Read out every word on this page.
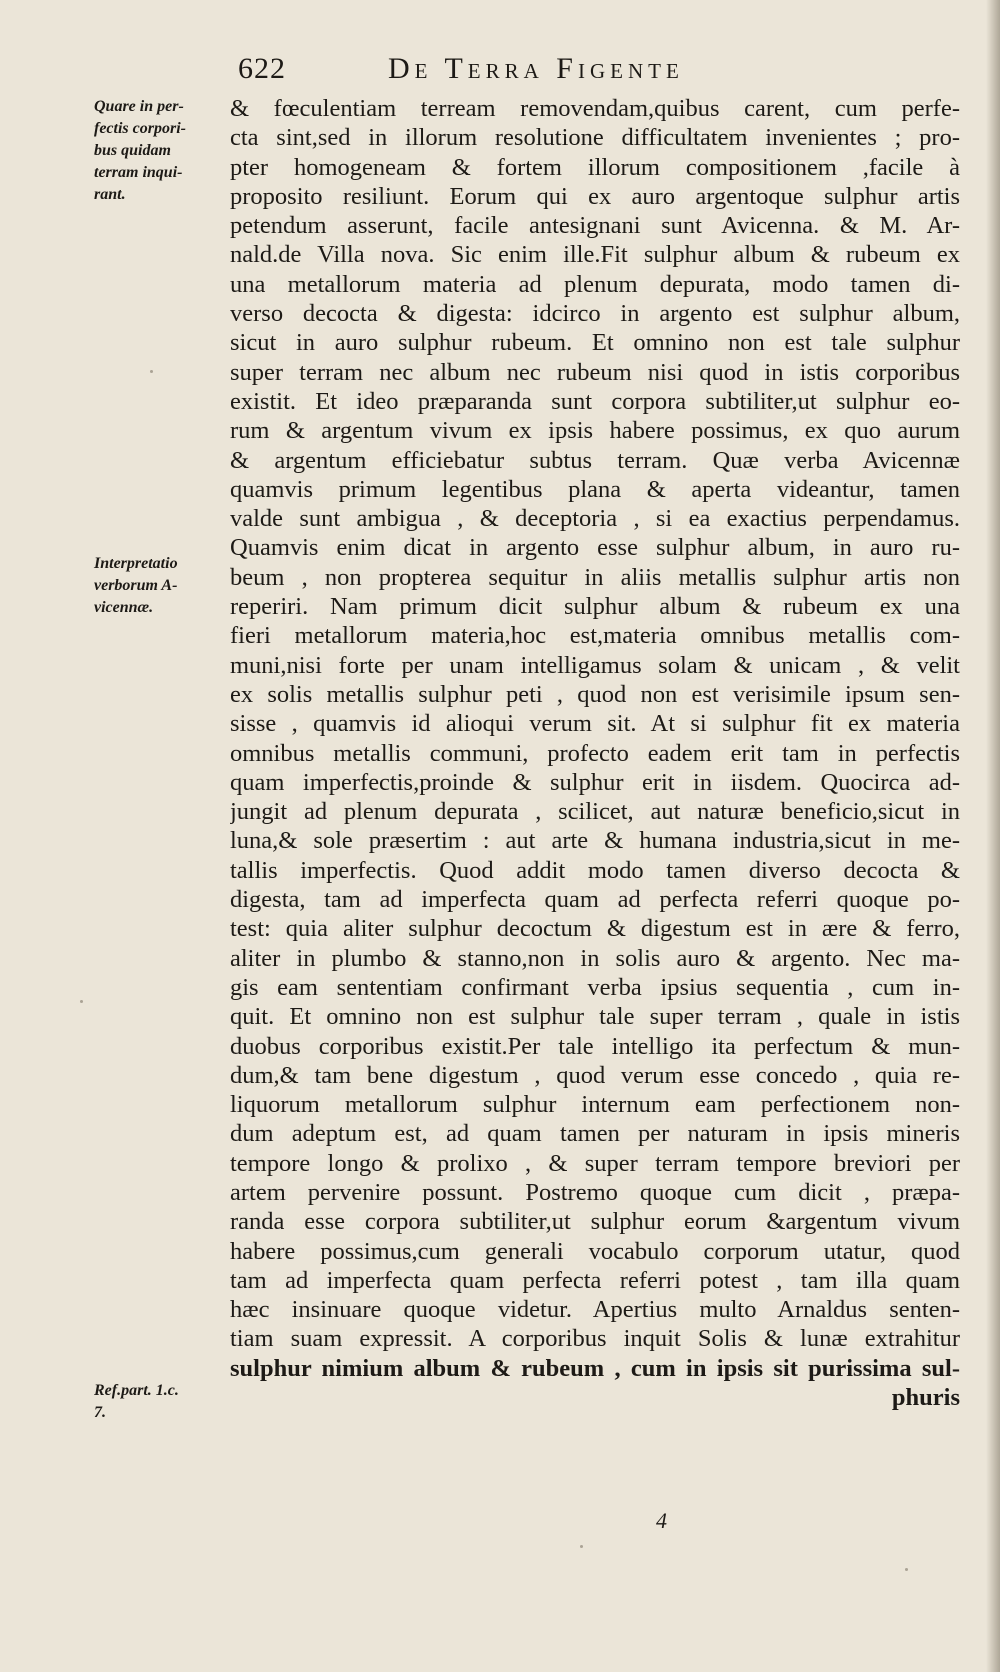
622	De Terra Figente
Quare in per-
fectis corpori-
bus quidam
terram inqui-
rant.
Interpretatio
verborum A-
vicennæ.
Ref.part. 1.c.
7.
& fœculentiam terream removendam,quibus carent, cum perfe-
cta sint,sed in illorum resolutione difficultatem invenientes ; pro-
pter homogeneam & fortem illorum compositionem ,facile à
proposito resiliunt. Eorum qui ex auro argentoque sulphur artis
petendum asserunt, facile antesignani sunt Avicenna. & M. Ar-
nald.de Villa nova. Sic enim ille.Fit sulphur album & rubeum ex
una metallorum materia ad plenum depurata, modo tamen di-
verso decocta & digesta: idcirco in argento est sulphur album,
sicut in auro sulphur rubeum. Et omnino non est tale sulphur
super terram nec album nec rubeum nisi quod in istis corporibus
existit. Et ideo præparanda sunt corpora subtiliter,ut sulphur eo-
rum & argentum vivum ex ipsis habere possimus, ex quo aurum
& argentum efficiebatur subtus terram. Quæ verba Avicennæ
quamvis primum legentibus plana & aperta videantur, tamen
valde sunt ambigua , & deceptoria , si ea exactius perpendamus.
Quamvis enim dicat in argento esse sulphur album, in auro ru-
beum , non propterea sequitur in aliis metallis sulphur artis non
reperiri. Nam primum dicit sulphur album & rubeum ex una
fieri metallorum materia,hoc est,materia omnibus metallis com-
muni,nisi forte per unam intelligamus solam & unicam , & velit
ex solis metallis sulphur peti , quod non est verisimile ipsum sen-
sisse , quamvis id alioqui verum sit. At si sulphur fit ex materia
omnibus metallis communi, profecto eadem erit tam in perfectis
quam imperfectis,proinde & sulphur erit in iisdem. Quocirca ad-
jungit ad plenum depurata , scilicet, aut naturæ beneficio,sicut in
luna,& sole præsertim : aut arte & humana industria,sicut in me-
tallis imperfectis. Quod addit modo tamen diverso decocta &
digesta, tam ad imperfecta quam ad perfecta referri quoque po-
test: quia aliter sulphur decoctum & digestum est in ære & ferro,
aliter in plumbo & stanno,non in solis auro & argento. Nec ma-
gis eam sententiam confirmant verba ipsius sequentia , cum in-
quit. Et omnino non est sulphur tale super terram , quale in istis
duobus corporibus existit.Per tale intelligo ita perfectum & mun-
dum,& tam bene digestum , quod verum esse concedo , quia re-
liquorum metallorum sulphur internum eam perfectionem non-
dum adeptum est, ad quam tamen per naturam in ipsis mineris
tempore longo & prolixo , & super terram tempore breviori per
artem pervenire possunt. Postremo quoque cum dicit , præpa-
randa esse corpora subtiliter,ut sulphur eorum &argentum vivum
habere possimus,cum generali vocabulo corporum utatur, quod
tam ad imperfecta quam perfecta referri potest , tam illa quam
hæc insinuare quoque videtur. Apertius multo Arnaldus senten-
tiam suam expressit. A corporibus inquit Solis & lunæ extrahitur
sulphur nimium album & rubeum , cum in ipsis sit purissima sul-
phuris
4
